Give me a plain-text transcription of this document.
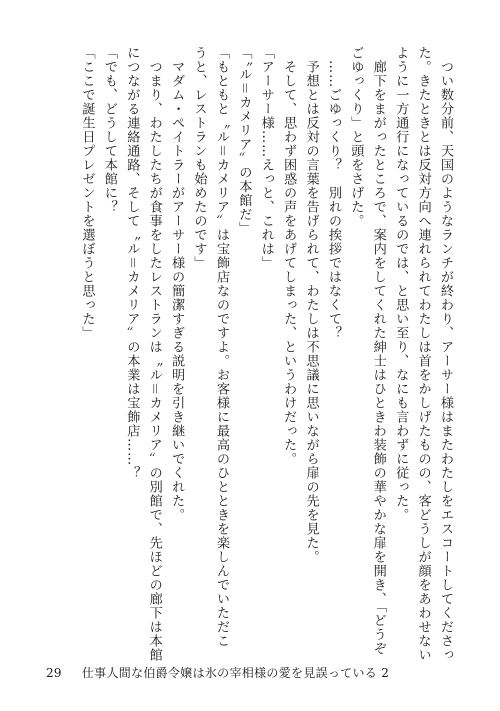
　つい数分前、天国のようなランチが終わり、アーサー様はまたわたしをエスコートしてくださっ

た。きたときとは反対方向へ連れられてわたしは首をかしげたものの、客どうしが顔をあわせない

ように一方通行になっているのでは、と思い至り、なにも言わずに従った。

　廊下をまがったところで、案内をしてくれた紳士はひときわ装飾の華やかな扉を開き、「どうぞ

ごゆっくり」と頭をさげた。

　……ごゆっくり？　別れの挨拶ではなくて？

　予想とは反対の言葉を告げられて、わたしは不思議に思いながら扉の先を見た。

　そして、思わず困惑の声をあげてしまった、というわけだった。

「アーサー様……えっと、これは」

「〝ル＝カメリア〟の本館だ」

「もともと〝ル＝カメリア〟は宝飾店なのですよ。お客様に最高のひとときを楽しんでいただこ

うと、レストランも始めたのです」

　マダム・ペイトラーがアーサー様の簡潔すぎる説明を引き継いでくれた。

　つまり、わたしたちが食事をしたレストランは〝ル＝カメリア〟の別館で、先ほどの廊下は本館

につながる連絡通路、そして〝ル＝カメリア〟の本業は宝飾店……？

「でも、どうして本館に？

「ここで誕生日プレゼントを選ぼうと思った」

29 仕事人間な伯爵令嬢は氷の宰相様の愛を見誤っている 2
